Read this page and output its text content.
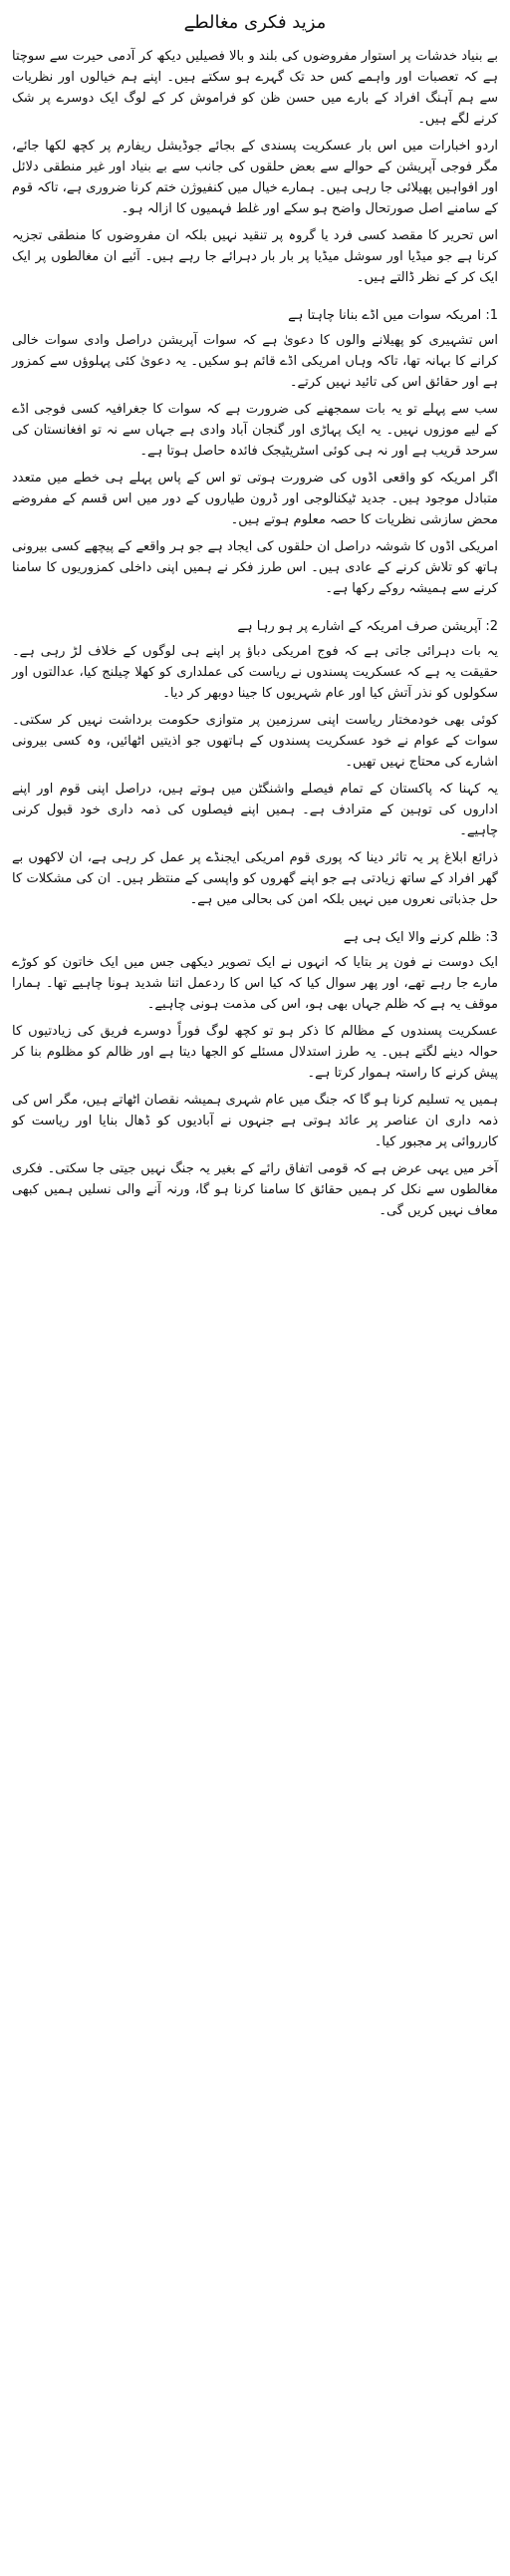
مزید فکری مغالطے

بے بنیاد خدشات پر استوار مفروضوں کی بلند و بالا فصیلیں دیکھ کر آدمی حیرت سے سوچتا ہے کہ تعصبات اور واہمے کس حد تک گہرے ہو سکتے ہیں۔ اپنے ہم خیالوں اور نظریات سے ہم آہنگ افراد کے بارے میں حسن ظن کو فراموش کر کے لوگ ایک دوسرے پر شک کرنے لگے ہیں۔

اردو اخبارات میں اس بار عسکریت پسندی کے بجائے جوڈیشل ریفارم پر کچھ لکھا جائے، مگر فوجی آپریشن کے حوالے سے بعض حلقوں کی جانب سے بے بنیاد اور غیر منطقی دلائل اور افواہیں پھیلائی جا رہی ہیں۔ ہمارے خیال میں کنفیوژن ختم کرنا ضروری ہے، تاکہ قوم کے سامنے اصل صورتحال واضح ہو سکے اور غلط فہمیوں کا ازالہ ہو۔

اس تحریر کا مقصد کسی فرد یا گروہ پر تنقید نہیں بلکہ ان مفروضوں کا منطقی تجزیہ کرنا ہے جو میڈیا اور سوشل میڈیا پر بار بار دہرائے جا رہے ہیں۔ آئیے ان مغالطوں پر ایک ایک کر کے نظر ڈالتے ہیں۔

1: امریکہ سوات میں اڈے بنانا چاہتا ہے

اس تشہیری کو پھیلانے والوں کا دعویٰ ہے کہ سوات آپریشن دراصل وادی سوات خالی کرانے کا بہانہ تھا، تاکہ وہاں امریکی اڈے قائم ہو سکیں۔ یہ دعویٰ کئی پہلوؤں سے کمزور ہے اور حقائق اس کی تائید نہیں کرتے۔

سب سے پہلے تو یہ بات سمجھنے کی ضرورت ہے کہ سوات کا جغرافیہ کسی فوجی اڈے کے لیے موزوں نہیں۔ یہ ایک پہاڑی اور گنجان آباد وادی ہے جہاں سے نہ تو افغانستان کی سرحد قریب ہے اور نہ ہی کوئی اسٹریٹیجک فائدہ حاصل ہوتا ہے۔

اگر امریکہ کو واقعی اڈوں کی ضرورت ہوتی تو اس کے پاس پہلے ہی خطے میں متعدد متبادل موجود ہیں۔ جدید ٹیکنالوجی اور ڈرون طیاروں کے دور میں اس قسم کے مفروضے محض سازشی نظریات کا حصہ معلوم ہوتے ہیں۔

امریکی اڈوں کا شوشہ دراصل ان حلقوں کی ایجاد ہے جو ہر واقعے کے پیچھے کسی بیرونی ہاتھ کو تلاش کرنے کے عادی ہیں۔ اس طرز فکر نے ہمیں اپنی داخلی کمزوریوں کا سامنا کرنے سے ہمیشہ روکے رکھا ہے۔

2: آپریشن صرف امریکہ کے اشارے پر ہو رہا ہے

یہ بات دہرائی جاتی ہے کہ فوج امریکی دباؤ پر اپنے ہی لوگوں کے خلاف لڑ رہی ہے۔ حقیقت یہ ہے کہ عسکریت پسندوں نے ریاست کی عملداری کو کھلا چیلنج کیا، عدالتوں اور سکولوں کو نذر آتش کیا اور عام شہریوں کا جینا دوبھر کر دیا۔

کوئی بھی خودمختار ریاست اپنی سرزمین پر متوازی حکومت برداشت نہیں کر سکتی۔ سوات کے عوام نے خود عسکریت پسندوں کے ہاتھوں جو اذیتیں اٹھائیں، وہ کسی بیرونی اشارے کی محتاج نہیں تھیں۔

یہ کہنا کہ پاکستان کے تمام فیصلے واشنگٹن میں ہوتے ہیں، دراصل اپنی قوم اور اپنے اداروں کی توہین کے مترادف ہے۔ ہمیں اپنے فیصلوں کی ذمہ داری خود قبول کرنی چاہیے۔

ذرائع ابلاغ پر یہ تاثر دینا کہ پوری قوم امریکی ایجنڈے پر عمل کر رہی ہے، ان لاکھوں بے گھر افراد کے ساتھ زیادتی ہے جو اپنے گھروں کو واپسی کے منتظر ہیں۔ ان کی مشکلات کا حل جذباتی نعروں میں نہیں بلکہ امن کی بحالی میں ہے۔

3: ظلم کرنے والا ایک ہی ہے

ایک دوست نے فون پر بتایا کہ انہوں نے ایک تصویر دیکھی جس میں ایک خاتون کو کوڑے مارے جا رہے تھے، اور پھر سوال کیا کہ کیا اس کا ردعمل اتنا شدید ہونا چاہیے تھا۔ ہمارا موقف یہ ہے کہ ظلم جہاں بھی ہو، اس کی مذمت ہونی چاہیے۔

عسکریت پسندوں کے مظالم کا ذکر ہو تو کچھ لوگ فوراً دوسرے فریق کی زیادتیوں کا حوالہ دینے لگتے ہیں۔ یہ طرز استدلال مسئلے کو الجھا دیتا ہے اور ظالم کو مظلوم بنا کر پیش کرنے کا راستہ ہموار کرتا ہے۔

ہمیں یہ تسلیم کرنا ہو گا کہ جنگ میں عام شہری ہمیشہ نقصان اٹھاتے ہیں، مگر اس کی ذمہ داری ان عناصر پر عائد ہوتی ہے جنہوں نے آبادیوں کو ڈھال بنایا اور ریاست کو کارروائی پر مجبور کیا۔

آخر میں یہی عرض ہے کہ قومی اتفاق رائے کے بغیر یہ جنگ نہیں جیتی جا سکتی۔ فکری مغالطوں سے نکل کر ہمیں حقائق کا سامنا کرنا ہو گا، ورنہ آنے والی نسلیں ہمیں کبھی معاف نہیں کریں گی۔
